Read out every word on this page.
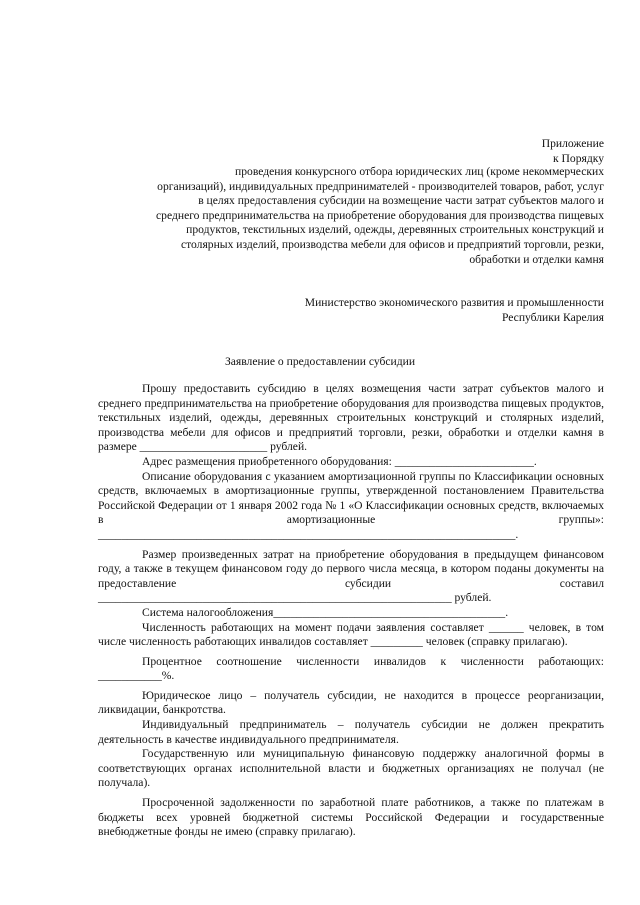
Приложение
к Порядку
проведения конкурсного отбора юридических лиц (кроме некоммерческих
организаций), индивидуальных предпринимателей - производителей товаров, работ, услуг
в целях предоставления субсидии на возмещение части затрат субъектов малого и
среднего предпринимательства на приобретение оборудования для производства пищевых
продуктов, текстильных изделий, одежды, деревянных строительных конструкций и
столярных изделий, производства мебели для офисов и предприятий торговли, резки,
обработки и отделки камня
Министерство экономического развития и промышленности
Республики Карелия
Заявление о предоставлении субсидии
Прошу предоставить субсидию в целях возмещения части затрат субъектов малого и среднего предпринимательства на приобретение оборудования для производства пищевых продуктов, текстильных изделий, одежды, деревянных строительных конструкций и столярных изделий, производства мебели для офисов и предприятий торговли, резки, обработки и отделки камня в размере ______________________ рублей.
Адрес размещения приобретенного оборудования: ________________________.
Описание оборудования с указанием амортизационной группы по Классификации основных средств, включаемых в амортизационные группы, утвержденной постановлением Правительства Российской Федерации от 1 января 2002 года № 1 «О Классификации основных средств, включаемых в амортизационные группы»: ________________________________________________________________________.
Размер произведенных затрат на приобретение оборудования в предыдущем финансовом году, а также в текущем финансовом году до первого числа месяца, в котором поданы документы на предоставление субсидии составил _____________________________________________________________ рублей.
Система налогообложения________________________________________.
Численность работающих на момент подачи заявления составляет ______ человек, в том числе численность работающих инвалидов составляет _________ человек (справку прилагаю).
Процентное соотношение численности инвалидов к численности работающих: ___________%.
Юридическое лицо – получатель субсидии, не находится в процессе реорганизации, ликвидации, банкротства.
Индивидуальный предприниматель – получатель субсидии не должен прекратить деятельность в качестве индивидуального предпринимателя.
Государственную или муниципальную финансовую поддержку аналогичной формы в соответствующих органах исполнительной власти и бюджетных организациях не получал (не получала).
Просроченной задолженности по заработной плате работников, а также по платежам в бюджеты всех уровней бюджетной системы Российской Федерации и государственные внебюджетные фонды не имею (справку прилагаю).
